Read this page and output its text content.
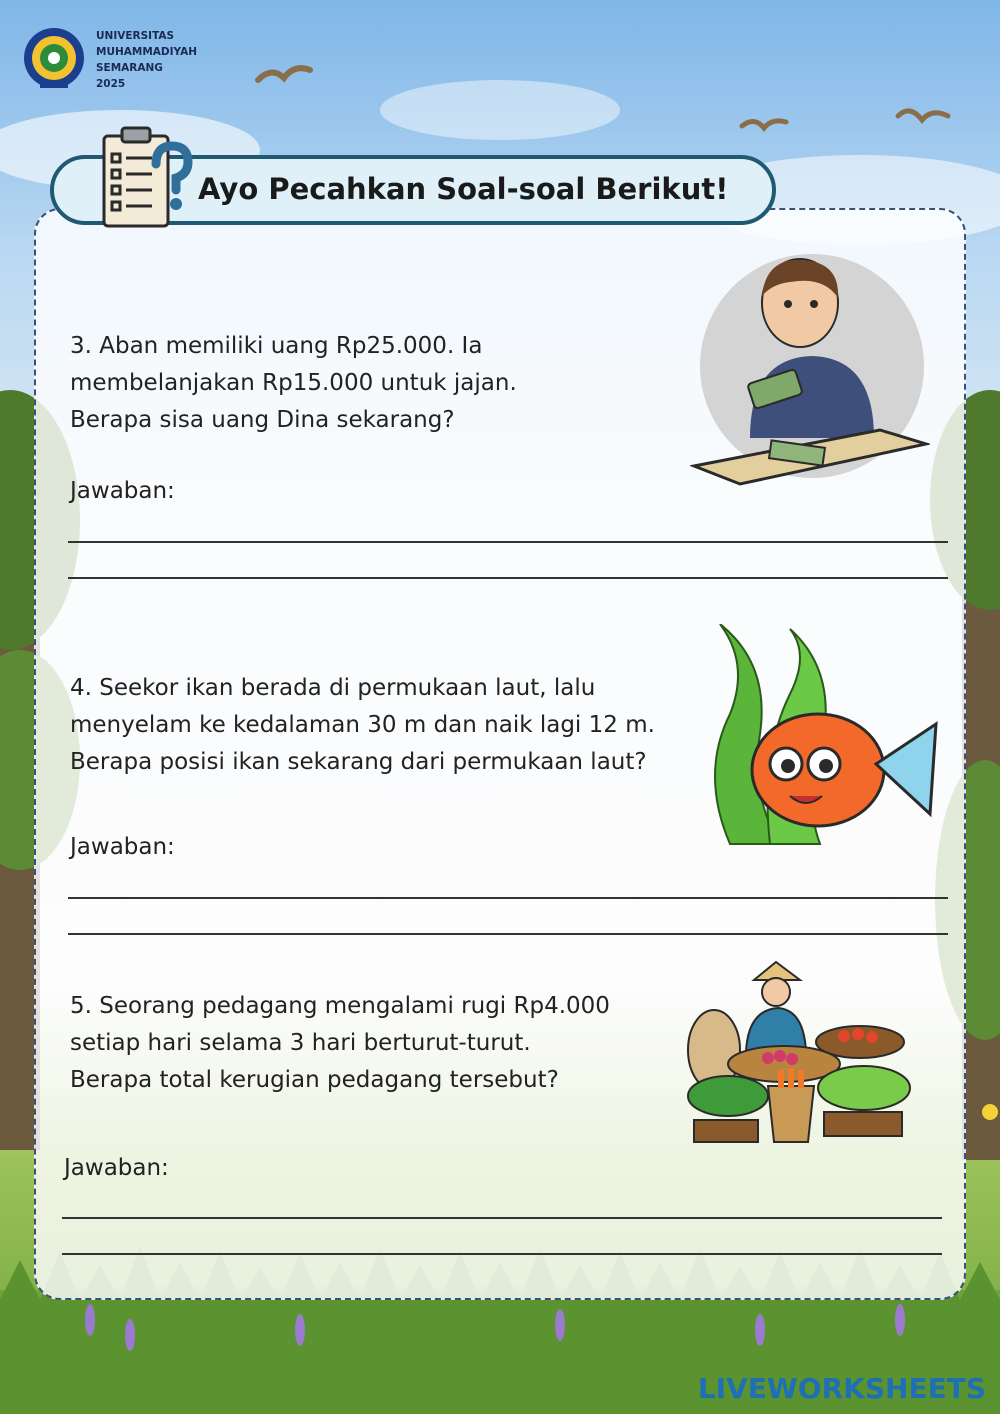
UNIVERSITAS
MUHAMMADIYAH
SEMARANG
2025
Ayo Pecahkan Soal-soal Berikut!
3. Aban memiliki uang Rp25.000. Ia
membelanjakan Rp15.000 untuk jajan.
Berapa sisa uang Dina sekarang?
Jawaban:
4. Seekor ikan berada di permukaan laut, lalu
menyelam ke kedalaman 30 m dan naik lagi 12 m.
Berapa posisi ikan sekarang dari permukaan laut?
Jawaban:
5. Seorang pedagang mengalami rugi Rp4.000
setiap hari selama 3 hari berturut-turut.
Berapa total kerugian pedagang tersebut?
Jawaban:
LIVEWORKSHEETS
